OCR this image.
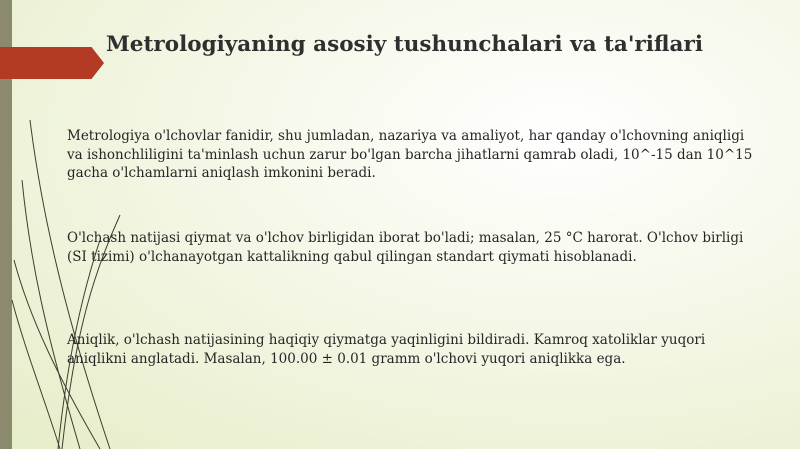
Metrologiyaning asosiy tushunchalari va ta'riflari

Metrologiya o'lchovlar fanidir, shu jumladan, nazariya va amaliyot, har qanday o'lchovning aniqligi va ishonchliligini ta'minlash uchun zarur bo'lgan barcha jihatlarni qamrab oladi, 10^-15 dan 10^15 gacha o'lchamlarni aniqlash imkonini beradi.

O'lchash natijasi qiymat va o'lchov birligidan iborat bo'ladi; masalan, 25 °C harorat. O'lchov birligi (SI tizimi) o'lchanayotgan kattalikning qabul qilingan standart qiymati hisoblanadi.

Aniqlik, o'lchash natijasining haqiqiy qiymatga yaqinligini bildiradi. Kamroq xatoliklar yuqori aniqlikni anglatadi. Masalan, 100.00 ± 0.01 gramm o'lchovi yuqori aniqlikka ega.
